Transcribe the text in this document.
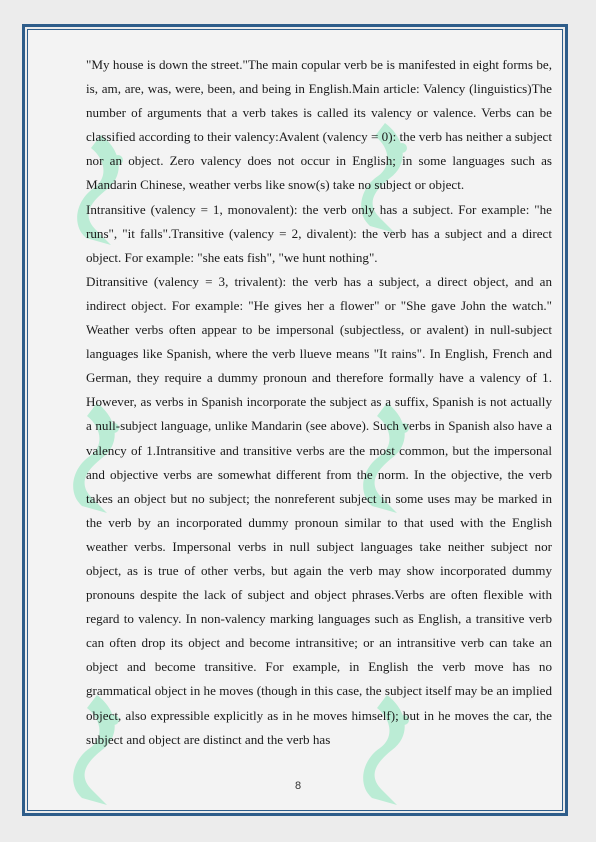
"My house is down the street."The main copular verb be is manifested in eight forms be, is, am, are, was, were, been, and being in English.Main article: Valency (linguistics)The number of arguments that a verb takes is called its valency or valence. Verbs can be classified according to their valency:Avalent (valency = 0): the verb has neither a subject nor an object. Zero valency does not occur in English; in some languages such as Mandarin Chinese, weather verbs like snow(s) take no subject or object.

Intransitive (valency = 1, monovalent): the verb only has a subject. For example: "he runs", "it falls".Transitive (valency = 2, divalent): the verb has a subject and a direct object. For example: "she eats fish", "we hunt nothing".

Ditransitive (valency = 3, trivalent): the verb has a subject, a direct object, and an indirect object. For example: "He gives her a flower" or "She gave John the watch." Weather verbs often appear to be impersonal (subjectless, or avalent) in null-subject languages like Spanish, where the verb llueve means "It rains". In English, French and German, they require a dummy pronoun and therefore formally have a valency of 1. However, as verbs in Spanish incorporate the subject as a suffix, Spanish is not actually a null-subject language, unlike Mandarin (see above). Such verbs in Spanish also have a valency of 1.Intransitive and transitive verbs are the most common, but the impersonal and objective verbs are somewhat different from the norm. In the objective, the verb takes an object but no subject; the nonreferent subject in some uses may be marked in the verb by an incorporated dummy pronoun similar to that used with the English weather verbs. Impersonal verbs in null subject languages take neither subject nor object, as is true of other verbs, but again the verb may show incorporated dummy pronouns despite the lack of subject and object phrases.Verbs are often flexible with regard to valency. In non-valency marking languages such as English, a transitive verb can often drop its object and become intransitive; or an intransitive verb can take an object and become transitive. For example, in English the verb move has no grammatical object in he moves (though in this case, the subject itself may be an implied object, also expressible explicitly as in he moves himself); but in he moves the car, the subject and object are distinct and the verb has

8
